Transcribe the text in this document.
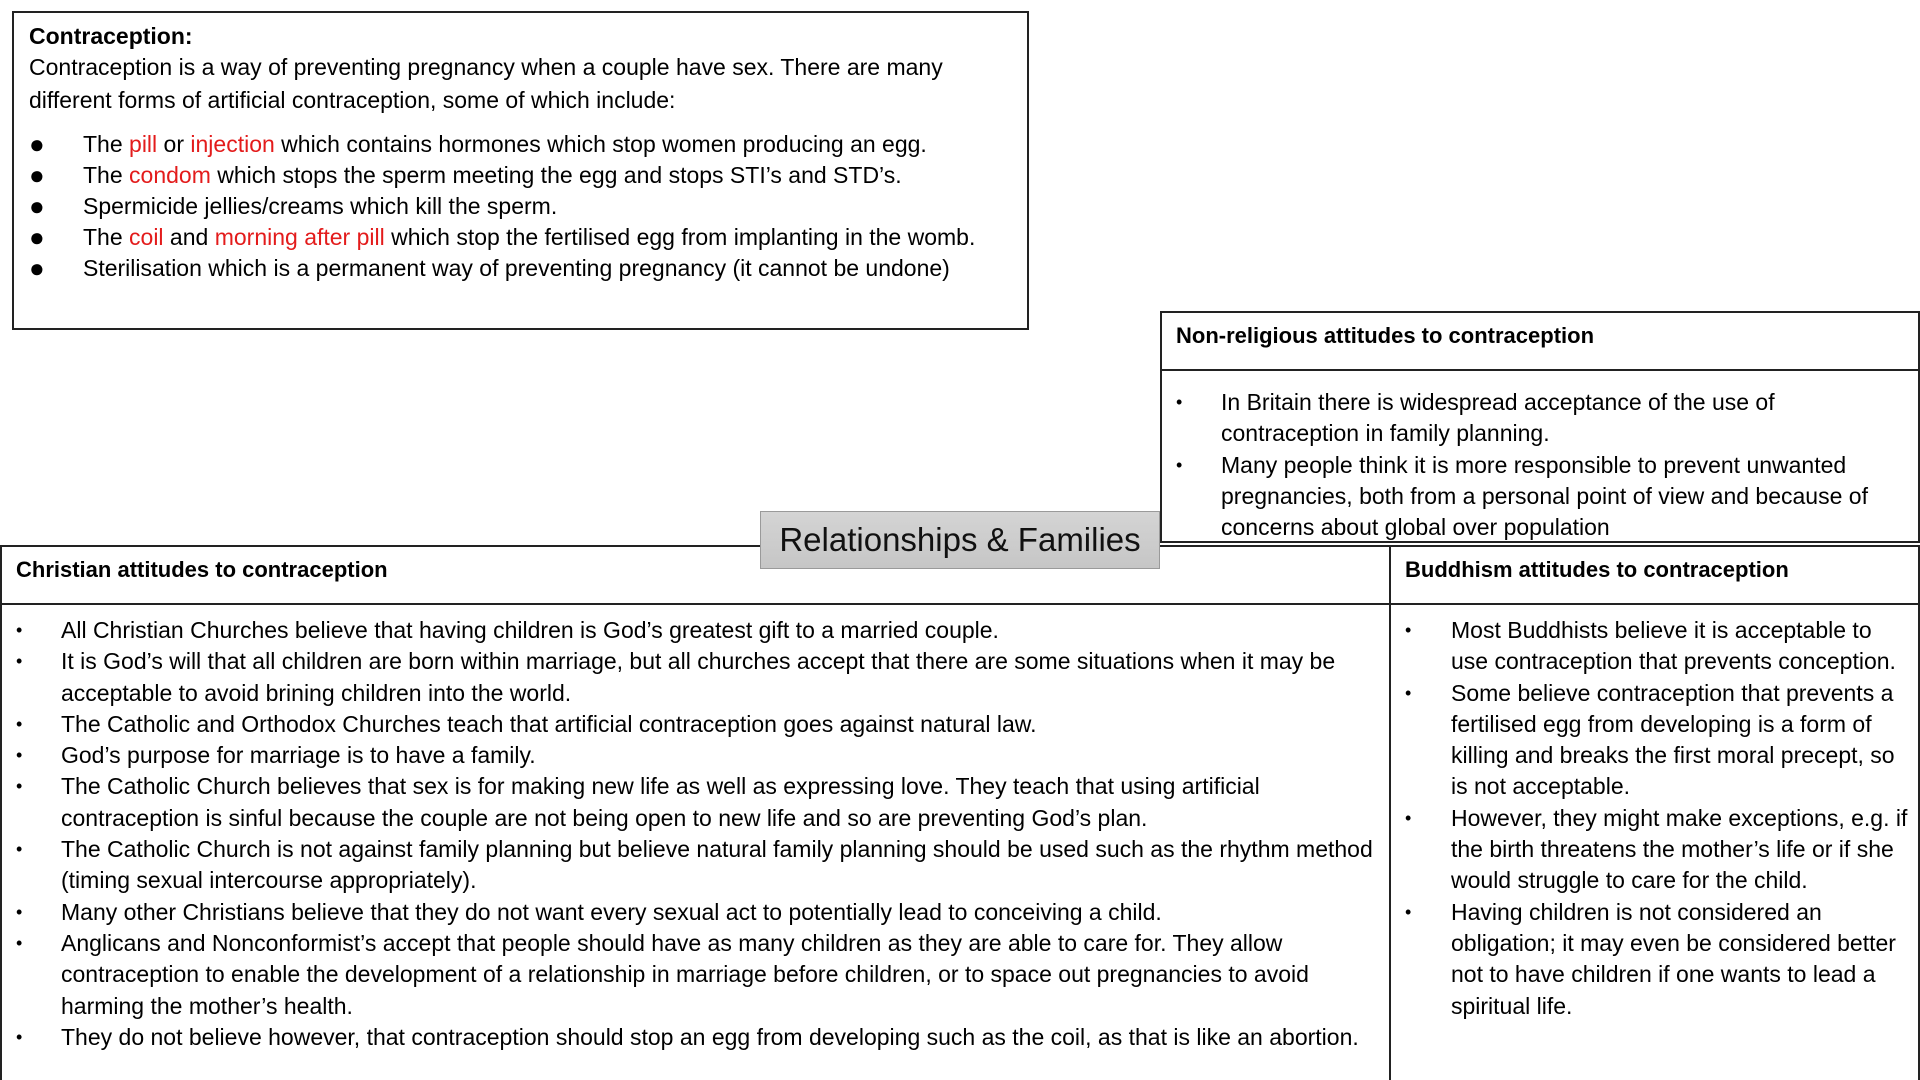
Contraception:
Contraception is a way of preventing pregnancy when a couple have sex. There are many different forms of artificial contraception, some of which include:
● The pill or injection which contains hormones which stop women producing an egg.
● The condom which stops the sperm meeting the egg and stops STI’s and STD’s.
● Spermicide jellies/creams which kill the sperm.
● The coil and morning after pill which stop the fertilised egg from implanting in the womb.
● Sterilisation which is a permanent way of preventing pregnancy (it cannot be undone)
Non-religious attitudes to contraception
• In Britain there is widespread acceptance of the use of contraception in family planning.
• Many people think it is more responsible to prevent unwanted pregnancies, both from a personal point of view and because of concerns about global over population
Relationships & Families
Christian attitudes to contraception
• All Christian Churches believe that having children is God’s greatest gift to a married couple.
• It is God’s will that all children are born within marriage, but all churches accept that there are some situations when it may be acceptable to avoid brining children into the world.
• The Catholic and Orthodox Churches teach that artificial contraception goes against natural law.
• God’s purpose for marriage is to have a family.
• The Catholic Church believes that sex is for making new life as well as expressing love. They teach that using artificial contraception is sinful because the couple are not being open to new life and so are preventing God’s plan.
• The Catholic Church is not against family planning but believe natural family planning should be used such as the rhythm method (timing sexual intercourse appropriately).
• Many other Christians believe that they do not want every sexual act to potentially lead to conceiving a child.
• Anglicans and Nonconformist’s accept that people should have as many children as they are able to care for. They allow contraception to enable the development of a relationship in marriage before children, or to space out pregnancies to avoid harming the mother’s health.
• They do not believe however, that contraception should stop an egg from developing such as the coil, as that is like an abortion.
Buddhism attitudes to contraception
• Most Buddhists believe it is acceptable to use contraception that prevents conception.
• Some believe contraception that prevents a fertilised egg from developing is a form of killing and breaks the first moral precept, so is not acceptable.
• However, they might make exceptions, e.g. if the birth threatens the mother’s life or if she would struggle to care for the child.
• Having children is not considered an obligation; it may even be considered better not to have children if one wants to lead a spiritual life.
